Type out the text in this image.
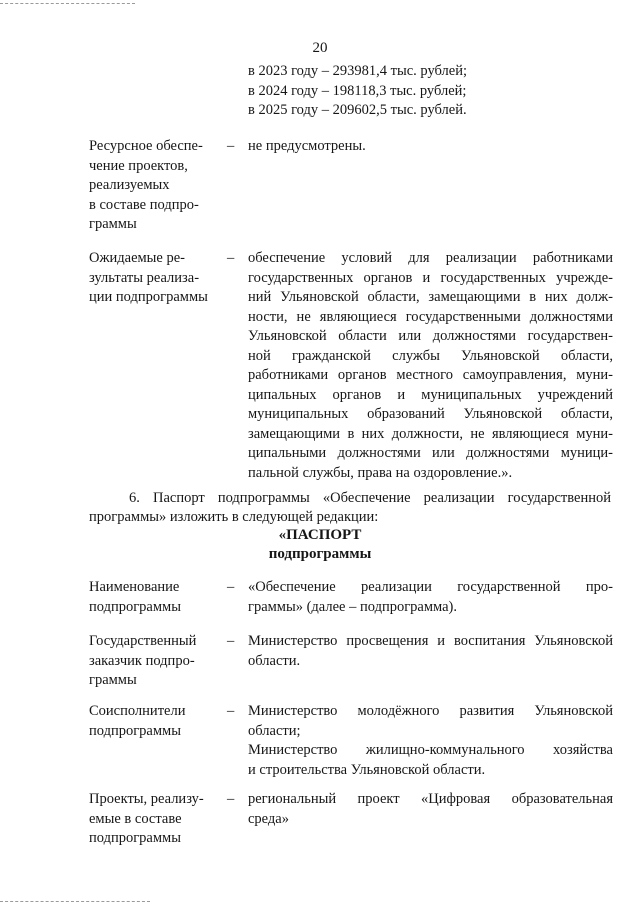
20
в 2023 году – 293981,4 тыс. рублей;
в 2024 году – 198118,3 тыс. рублей;
в 2025 году – 209602,5 тыс. рублей.
Ресурсное обеспе-
чение проектов,
реализуемых
в составе подпро-
граммы
– не предусмотрены.
Ожидаемые ре-
зультаты реализа-
ции подпрограммы
– обеспечение условий для реализации работниками
государственных органов и государственных учрежде-
ний Ульяновской области, замещающими в них долж-
ности, не являющиеся государственными должностями
Ульяновской области или должностями государствен-
ной гражданской службы Ульяновской области,
работниками органов местного самоуправления, муни-
ципальных органов и муниципальных учреждений
муниципальных образований Ульяновской области,
замещающими в них должности, не являющиеся муни-
ципальными должностями или должностями муници-
пальной службы, права на оздоровление.».
6. Паспорт подпрограммы «Обеспечение реализации государственной
программы» изложить в следующей редакции:
«ПАСПОРТ
подпрограммы
Наименование
подпрограммы
– «Обеспечение реализации государственной про-
граммы» (далее – подпрограмма).
Государственный
заказчик подпро-
граммы
– Министерство просвещения и воспитания Ульяновской
области.
Соисполнители
подпрограммы
– Министерство молодёжного развития Ульяновской
области;
Министерство жилищно-коммунального хозяйства
и строительства Ульяновской области.
Проекты, реализу-
емые в составе
подпрограммы
– региональный проект «Цифровая образовательная
среда»
